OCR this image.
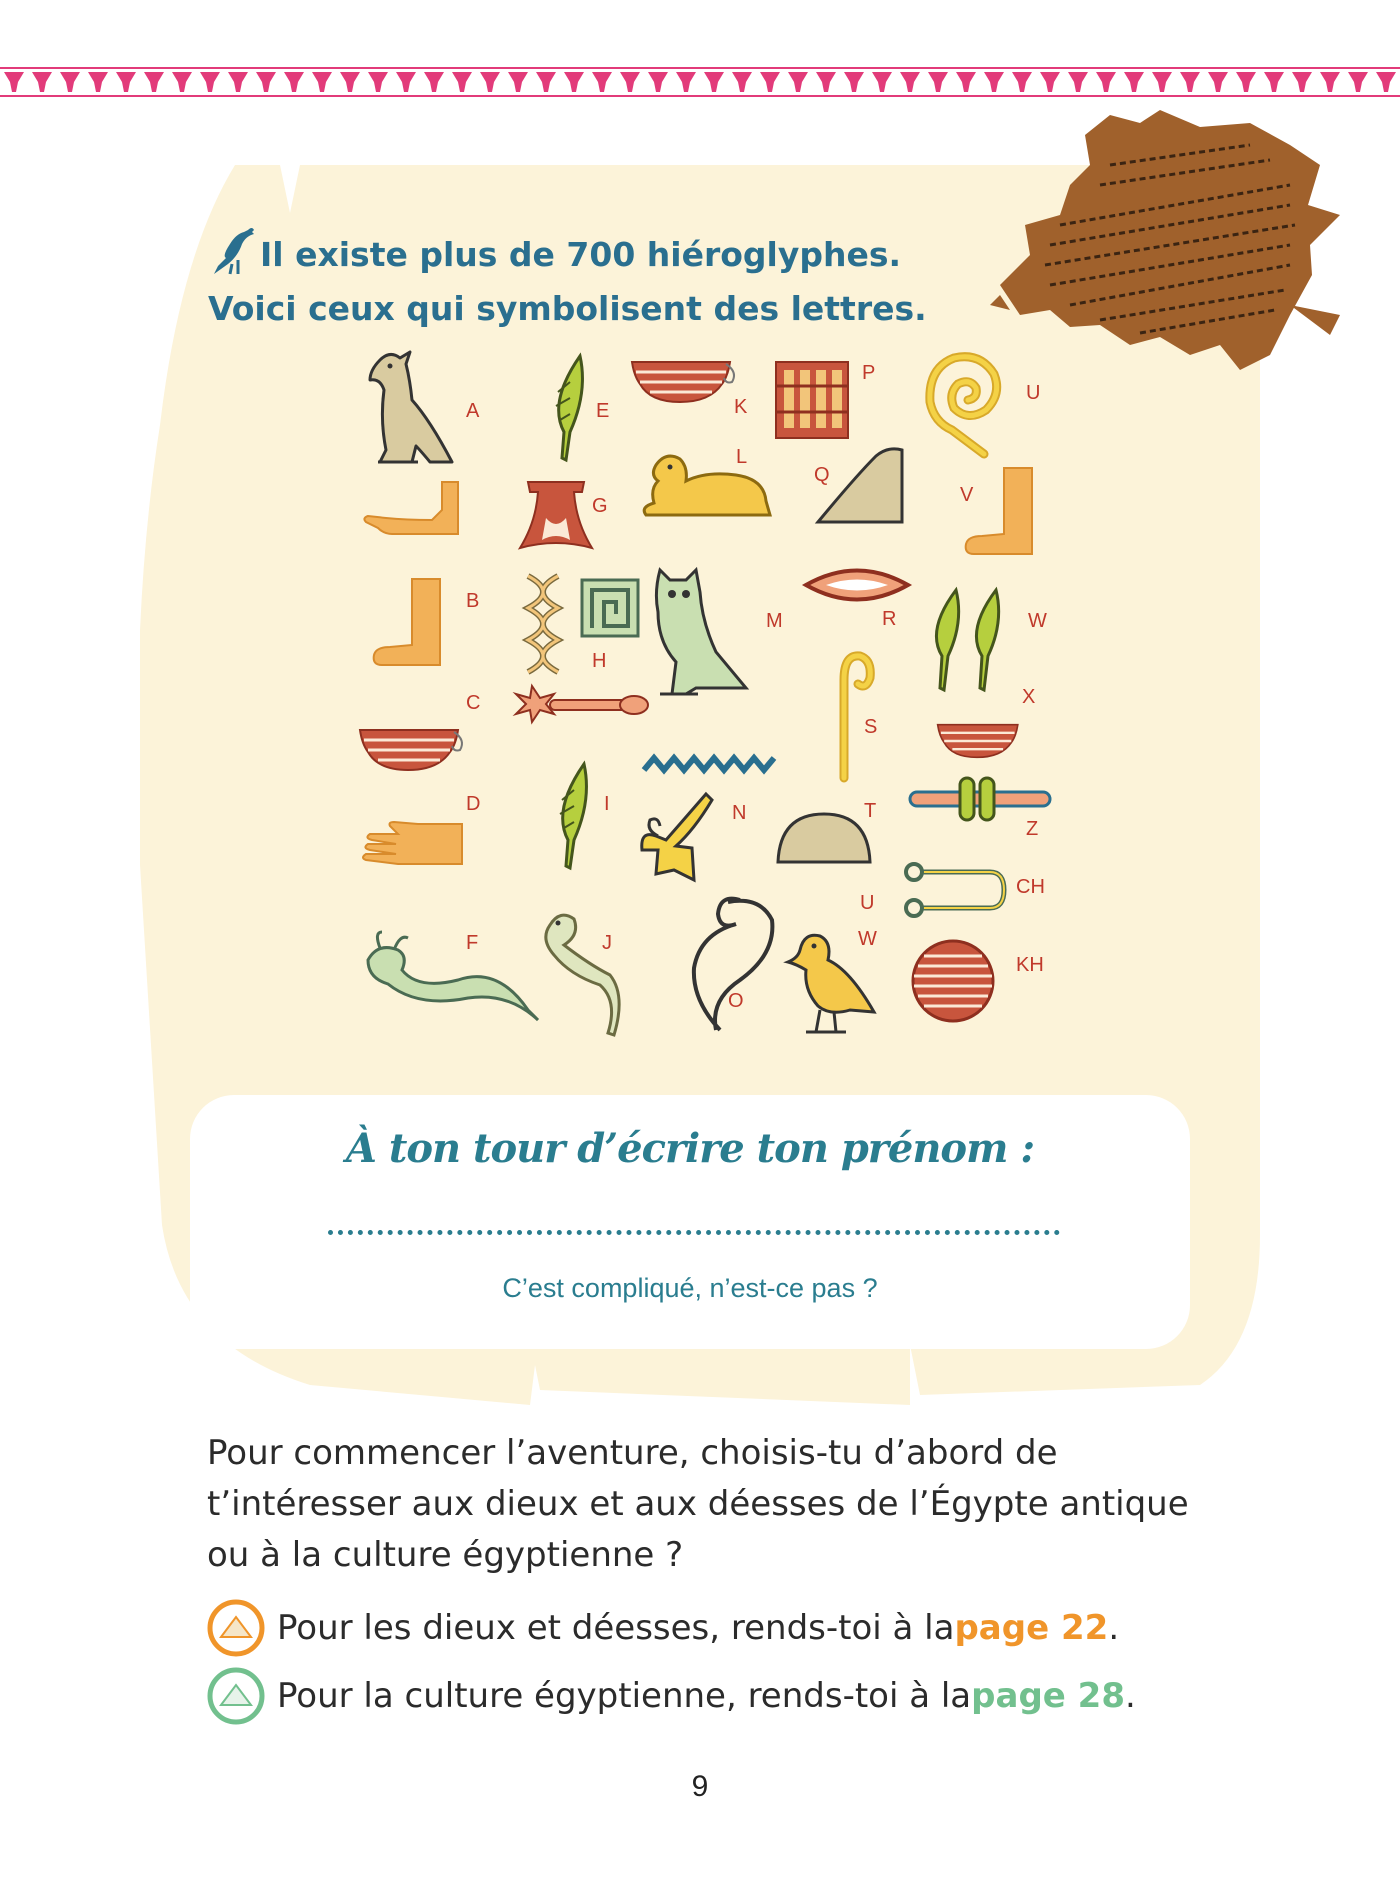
Il existe plus de 700 hiéroglyphes.
Voici ceux qui symbolisent des lettres.
A
B
C
D
E
F
G
H
I
J
K
L
M
N
O
P
Q
R
S
T
U
V
W
X
Z
CH
U
W
KH
À ton tour d’écrire ton prénom :
C’est compliqué, n’est-ce pas ?
Pour commencer l’aventure, choisis-tu d’abord de t’intéresser aux dieux et aux déesses de l’Égypte antique ou à la culture égyptienne ?
Pour les dieux et déesses, rends-toi à la page 22 .
Pour la culture égyptienne, rends-toi à la page 28 .
9
